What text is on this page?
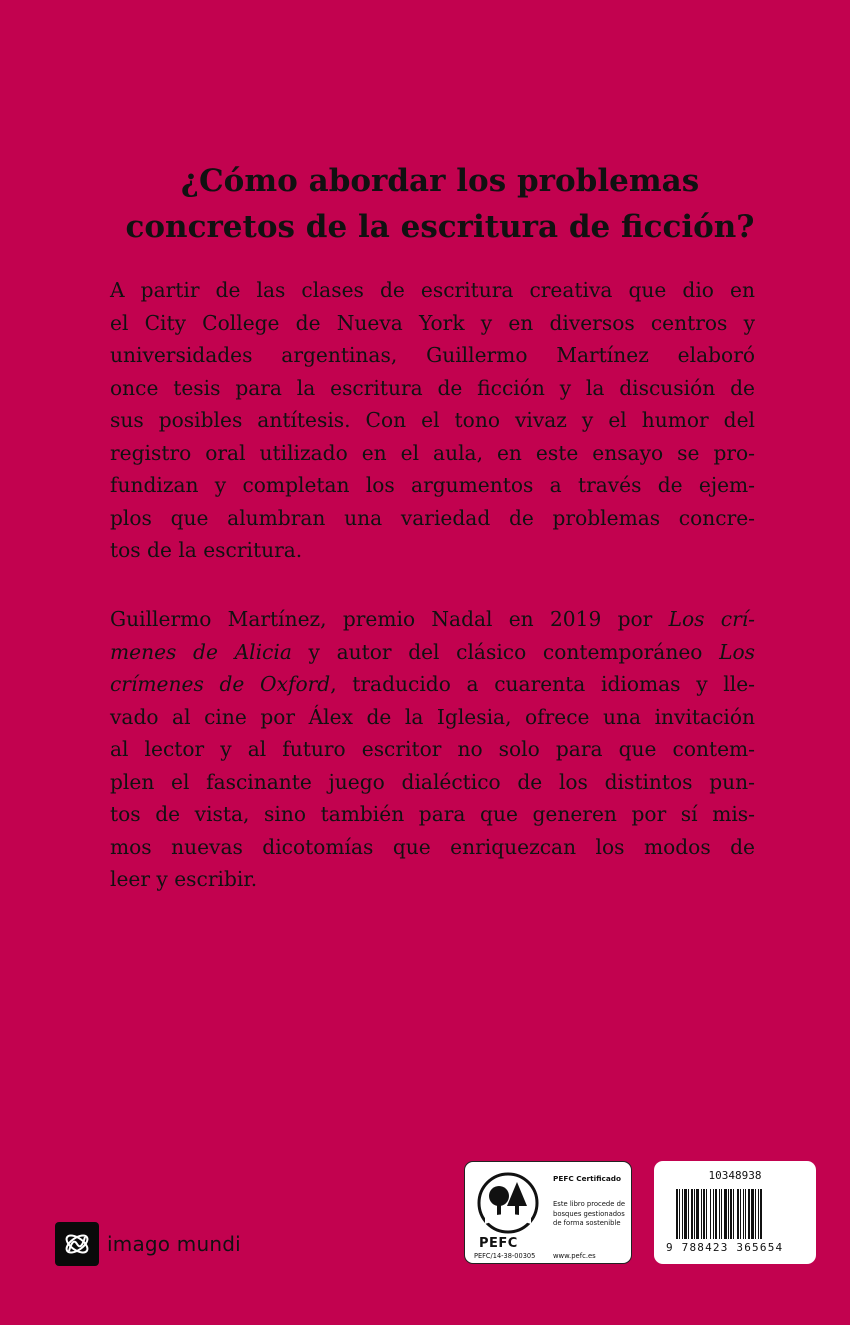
¿Cómo abordar los problemas
concretos de la escritura de ficción?
A partir de las clases de escritura creativa que dio en
el City College de Nueva York y en diversos centros y
universidades argentinas, Guillermo Martínez elaboró
once tesis para la escritura de ficción y la discusión de
sus posibles antítesis. Con el tono vivaz y el humor del
registro oral utilizado en el aula, en este ensayo se pro-
fundizan y completan los argumentos a través de ejem-
plos que alumbran una variedad de problemas concre-
tos de la escritura.
Guillermo Martínez, premio Nadal en 2019 por Los crí-
menes de Alicia y autor del clásico contemporáneo Los
crímenes de Oxford, traducido a cuarenta idiomas y lle-
vado al cine por Álex de la Iglesia, ofrece una invitación
al lector y al futuro escritor no solo para que contem-
plen el fascinante juego dialéctico de los distintos pun-
tos de vista, sino también para que generen por sí mis-
mos nuevas dicotomías que enriquezcan los modos de
leer y escribir.
imago mundi	PEFC
PEFC/14-38-00305
PEFC Certificado
Este libro procede de bosques gestionados de forma sostenible
www.pefc.es
10348938
9 788423 365654
